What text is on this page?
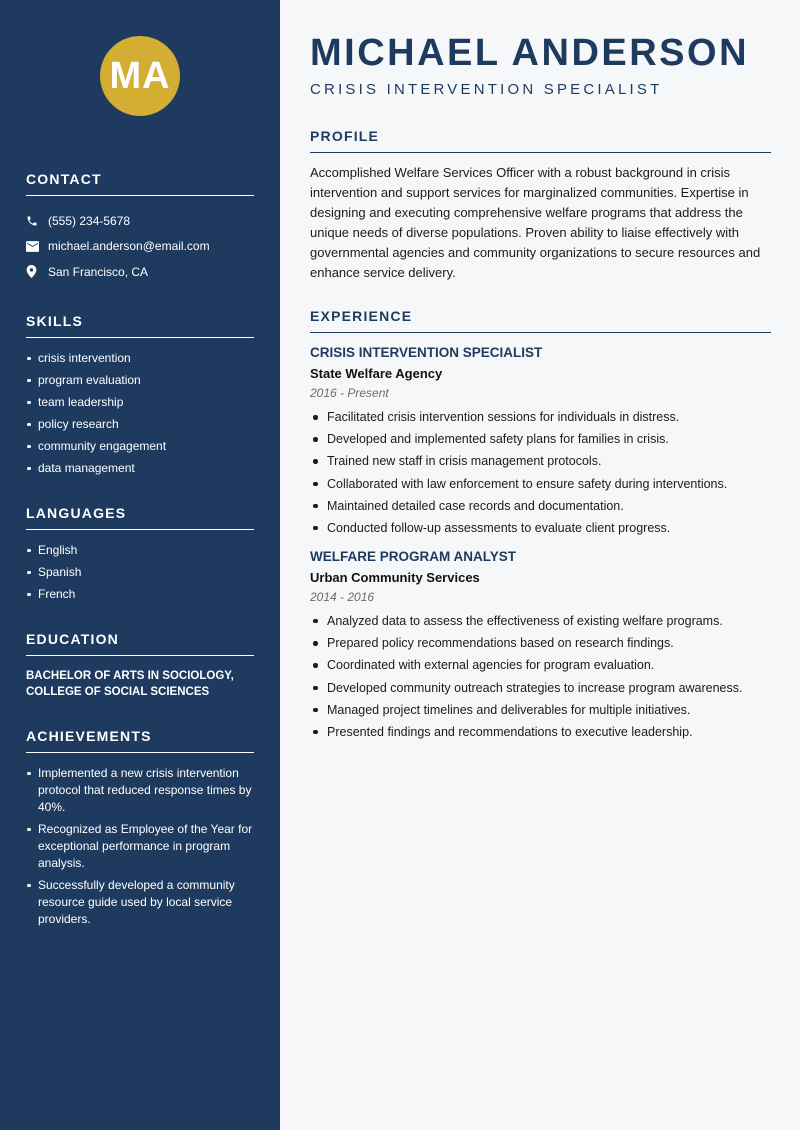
MA
CONTACT
(555) 234-5678
michael.anderson@email.com
San Francisco, CA
SKILLS
crisis intervention
program evaluation
team leadership
policy research
community engagement
data management
LANGUAGES
English
Spanish
French
EDUCATION
BACHELOR OF ARTS IN SOCIOLOGY, COLLEGE OF SOCIAL SCIENCES
ACHIEVEMENTS
Implemented a new crisis intervention protocol that reduced response times by 40%.
Recognized as Employee of the Year for exceptional performance in program analysis.
Successfully developed a community resource guide used by local service providers.
MICHAEL ANDERSON
CRISIS INTERVENTION SPECIALIST
PROFILE

Accomplished Welfare Services Officer with a robust background in crisis intervention and support services for marginalized communities. Expertise in designing and executing comprehensive welfare programs that address the unique needs of diverse populations. Proven ability to liaise effectively with governmental agencies and community organizations to secure resources and enhance service delivery.

EXPERIENCE
CRISIS INTERVENTION SPECIALIST
State Welfare Agency
2016 - Present
Facilitated crisis intervention sessions for individuals in distress.
Developed and implemented safety plans for families in crisis.
Trained new staff in crisis management protocols.
Collaborated with law enforcement to ensure safety during interventions.
Maintained detailed case records and documentation.
Conducted follow-up assessments to evaluate client progress.
WELFARE PROGRAM ANALYST
Urban Community Services
2014 - 2016
Analyzed data to assess the effectiveness of existing welfare programs.
Prepared policy recommendations based on research findings.
Coordinated with external agencies for program evaluation.
Developed community outreach strategies to increase program awareness.
Managed project timelines and deliverables for multiple initiatives.
Presented findings and recommendations to executive leadership.
